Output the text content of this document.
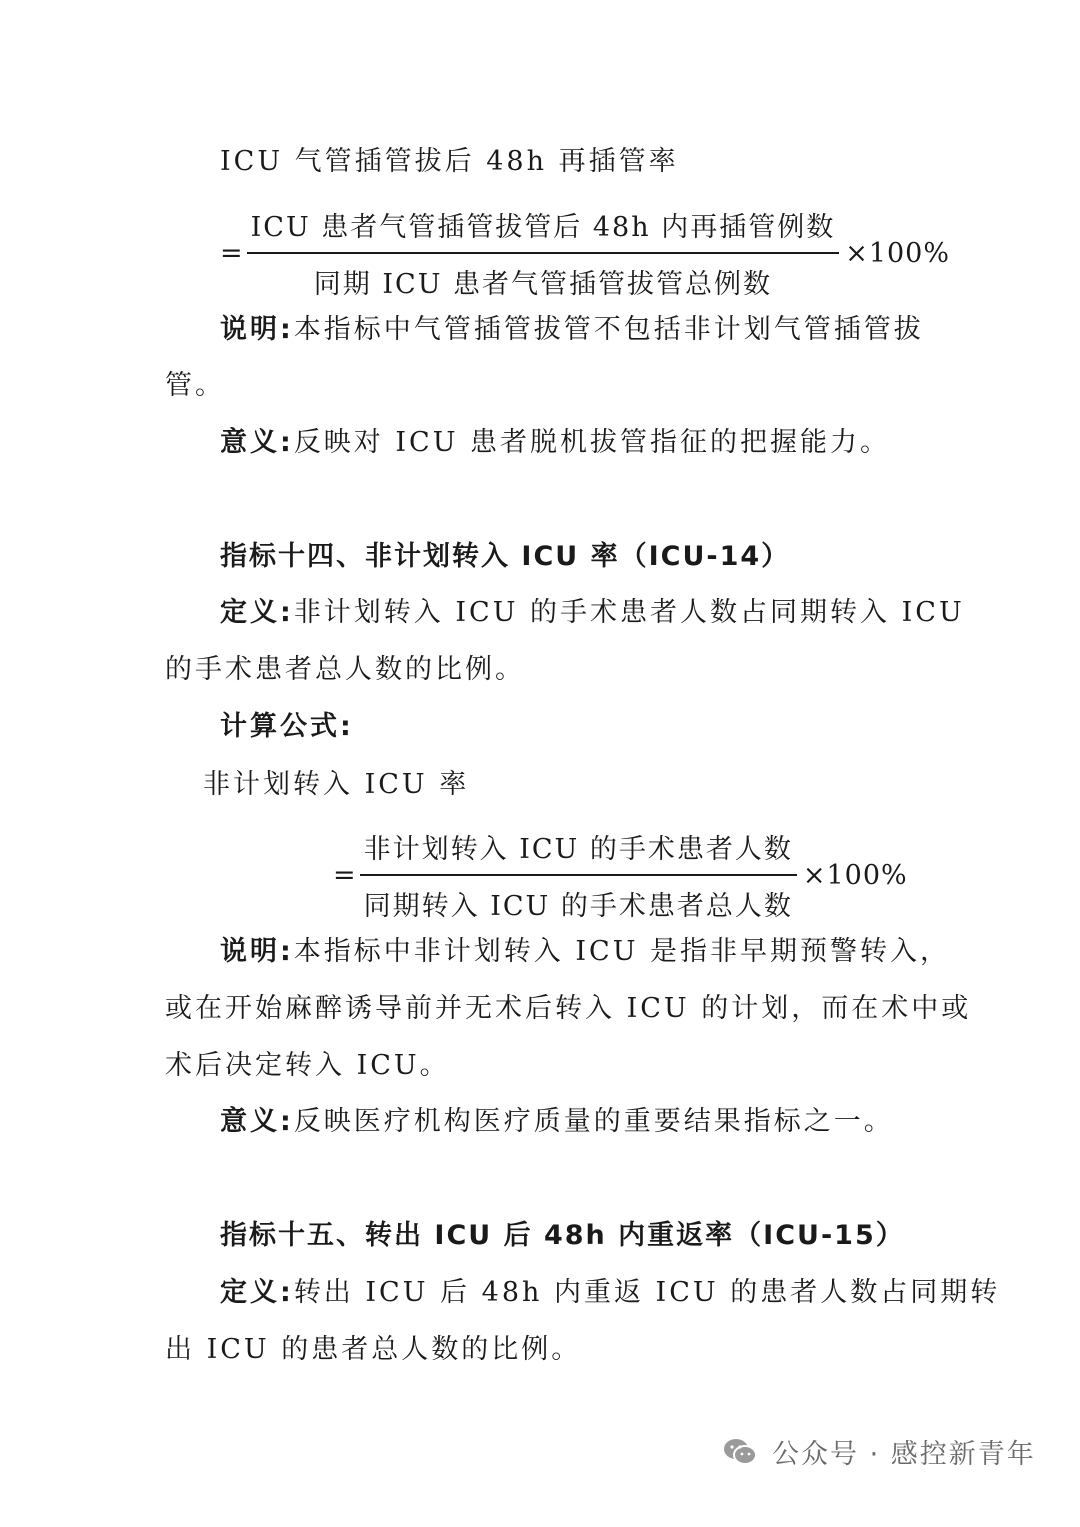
ICU 气管插管拔后 48h 再插管率
= $\frac{\text{ICU 患者气管插管拔管后 48h 内再插管例数}}{\text{同期 ICU 患者气管插管拔管总例数}} \times 100\%$
说明:本指标中气管插管拔管不包括非计划气管插管拔
管。
意义:反映对 ICU 患者脱机拔管指征的把握能力。
指标十四、非计划转入 ICU 率（ICU-14）
定义:非计划转入 ICU 的手术患者人数占同期转入 ICU
的手术患者总人数的比例。
计算公式:
非计划转入 ICU 率
= $\frac{\text{非计划转入 ICU 的手术患者人数}}{\text{同期转入 ICU 的手术患者总人数}} \times 100\%$
说明:本指标中非计划转入 ICU 是指非早期预警转入，
或在开始麻醉诱导前并无术后转入 ICU 的计划，而在术中或
术后决定转入 ICU。
意义:反映医疗机构医疗质量的重要结果指标之一。
指标十五、转出 ICU 后 48h 内重返率（ICU-15）
定义:转出 ICU 后 48h 内重返 ICU 的患者人数占同期转
出 ICU 的患者总人数的比例。
公众号 · 感控新青年
